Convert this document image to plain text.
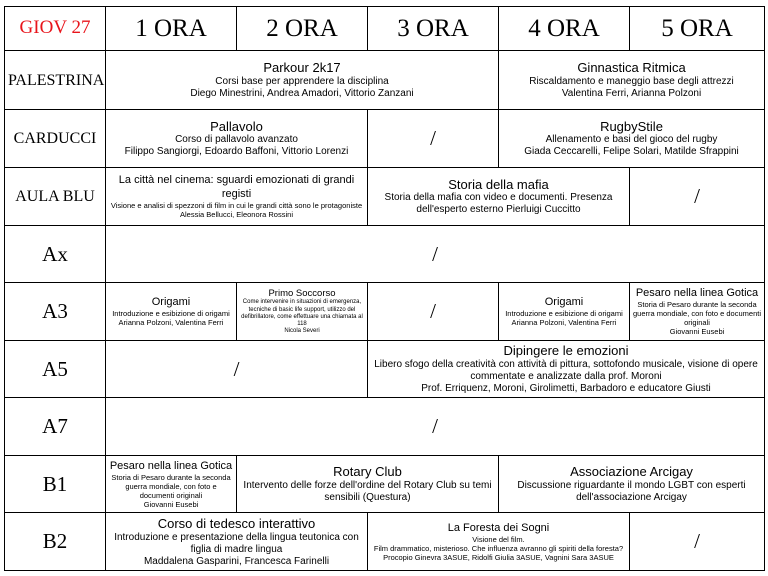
GIOV 27	1 ORA	2 ORA	3 ORA	4 ORA	5 ORA
PALESTRINA	Parkour 2k17
Corsi base per apprendere la disciplina
Diego Minestrini, Andrea Amadori, Vittorio Zanzani			Ginnastica Ritmica
Riscaldamento e maneggio base degli attrezzi
Valentina Ferri, Arianna Polzoni	

CARDUCCI	Pallavolo
Corso di pallavolo avanzato
Filippo Sangiorgi, Edoardo Baffoni, Vittorio Lorenzi		/	RugbyStile
Allenamento e basi del gioco del rugby
Giada Ceccarelli, Felipe Solari, Matilde Sfrappini	

AULA BLU	La città nel cinema: sguardi emozionati di grandi registi
Visione e analisi di spezzoni di film in cui le grandi città sono le protagoniste
Alessia Bellucci, Eleonora Rossini		Storia della mafia
Storia della mafia con video e documenti. Presenza dell'esperto esterno Pierluigi Cuccitto		/
Ax	/				
A3	Origami
Introduzione e esibizione di origami
Arianna Polzoni, Valentina Ferri	Primo Soccorso
Come intervenire in situazioni di emergenza, tecniche di basic life support, utilizzo del defibrillatore, come effettuare una chiamata al 118
Nicola Severi	/	Origami
Introduzione e esibizione di origami
Arianna Polzoni, Valentina Ferri	Pesaro nella linea Gotica
Storia di Pesaro durante la seconda guerra mondiale, con foto e documenti originali
Giovanni Eusebi

A5	/		Dipingere le emozioni
Libero sfogo della creatività con attività di pittura, sottofondo musicale, visione di opere commentate e analizzate dalla prof. Moroni
Prof. Erriquenz, Moroni, Girolimetti, Barbadoro e educatore Giusti		

A7	/				
B1	Pesaro nella linea Gotica
Storia di Pesaro durante la seconda guerra mondiale, con foto e documenti originali
Giovanni Eusebi	Rotary Club
Intervento delle forze dell'ordine del Rotary Club su temi sensibili (Questura)		Associazione Arcigay
Discussione riguardante il mondo LGBT con esperti dell'associazione Arcigay	

B2	Corso di tedesco interattivo
Introduzione e presentazione della lingua teutonica con figlia di madre lingua
Maddalena Gasparini, Francesca Farinelli		La Foresta dei Sogni
Visione del film.
Film drammatico, misterioso. Che influenza avranno gli spiriti della foresta?
Procopio Ginevra 3ASUE, Ridolfi Giulia 3ASUE, Vagnini Sara 3ASUE		/
